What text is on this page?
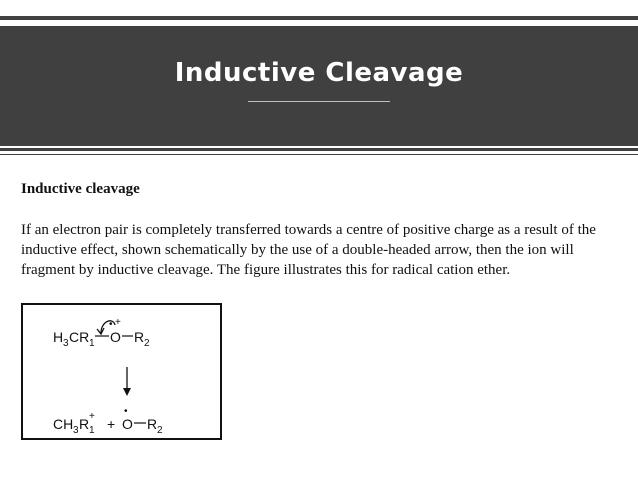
Inductive Cleavage
Inductive cleavage
If an electron pair is completely transferred towards a centre of positive charge as a result of the inductive effect, shown schematically by the use of a double-headed arrow, then the ion will fragment by inductive cleavage. The figure illustrates this for radical cation ether.
H 3 CR 1 O R 2
+
•
CH 3 R 1
+ +
•
O R 2
